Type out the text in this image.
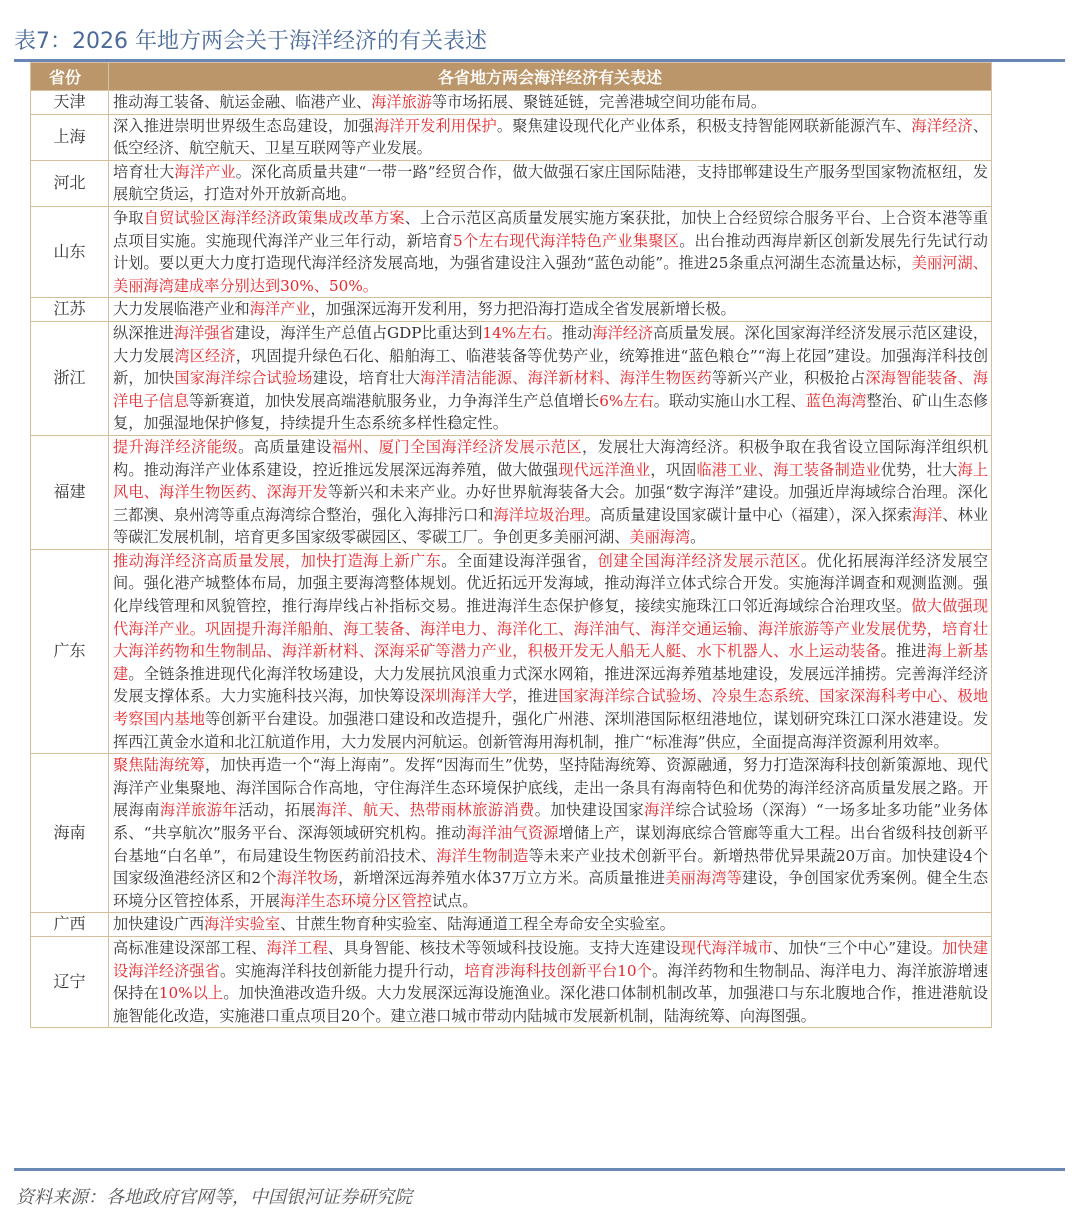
表7：2026 年地方两会关于海洋经济的有关表述
省份	各省地方两会海洋经济有关表述
天津	推动海工装备、航运金融、临港产业、海洋旅游等市场拓展、聚链延链，完善港城空间功能布局。
上海	深入推进崇明世界级生态岛建设，加强海洋开发利用保护。聚焦建设现代化产业体系，积极支持智能网联新能源汽车、海洋经济、低空经济、航空航天、卫星互联网等产业发展。
河北	培育壮大海洋产业。深化高质量共建“一带一路”经贸合作，做大做强石家庄国际陆港，支持邯郸建设生产服务型国家物流枢纽，发展航空货运，打造对外开放新高地。
山东	争取自贸试验区海洋经济政策集成改革方案、上合示范区高质量发展实施方案获批，加快上合经贸综合服务平台、上合资本港等重点项目实施。实施现代海洋产业三年行动，新培育5个左右现代海洋特色产业集聚区。出台推动西海岸新区创新发展先行先试行动计划。要以更大力度打造现代海洋经济发展高地，为强省建设注入强劲“蓝色动能”。推进25条重点河湖生态流量达标，美丽河湖、美丽海湾建成率分别达到30%、50%。
江苏	大力发展临港产业和海洋产业，加强深远海开发利用，努力把沿海打造成全省发展新增长极。
浙江	纵深推进海洋强省建设，海洋生产总值占GDP比重达到14%左右。推动海洋经济高质量发展。深化国家海洋经济发展示范区建设，大力发展湾区经济，巩固提升绿色石化、船舶海工、临港装备等优势产业，统筹推进“蓝色粮仓”“海上花园”建设。加强海洋科技创新，加快国家海洋综合试验场建设，培育壮大海洋清洁能源、海洋新材料、海洋生物医药等新兴产业，积极抢占深海智能装备、海洋电子信息等新赛道，加快发展高端港航服务业，力争海洋生产总值增长6%左右。联动实施山水工程、蓝色海湾整治、矿山生态修复，加强湿地保护修复，持续提升生态系统多样性稳定性。
福建	提升海洋经济能级。高质量建设福州、厦门全国海洋经济发展示范区，发展壮大海湾经济。积极争取在我省设立国际海洋组织机构。推动海洋产业体系建设，控近推远发展深远海养殖，做大做强现代远洋渔业，巩固临港工业、海工装备制造业优势，壮大海上风电、海洋生物医药、深海开发等新兴和未来产业。办好世界航海装备大会。加强“数字海洋”建设。加强近岸海域综合治理。深化三都澳、泉州湾等重点海湾综合整治，强化入海排污口和海洋垃圾治理。高质量建设国家碳计量中心（福建），深入探索海洋、林业等碳汇发展机制，培育更多国家级零碳园区、零碳工厂。争创更多美丽河湖、美丽海湾。
广东	推动海洋经济高质量发展，加快打造海上新广东。全面建设海洋强省，创建全国海洋经济发展示范区。优化拓展海洋经济发展空间。强化港产城整体布局，加强主要海湾整体规划。优近拓远开发海域，推动海洋立体式综合开发。实施海洋调查和观测监测。强化岸线管理和风貌管控，推行海岸线占补指标交易。推进海洋生态保护修复，接续实施珠江口邻近海域综合治理攻坚。做大做强现代海洋产业。巩固提升海洋船舶、海工装备、海洋电力、海洋化工、海洋油气、海洋交通运输、海洋旅游等产业发展优势，培育壮大海洋药物和生物制品、海洋新材料、深海采矿等潜力产业，积极开发无人船无人艇、水下机器人、水上运动装备。推进海上新基建。全链条推进现代化海洋牧场建设，大力发展抗风浪重力式深水网箱，推进深远海养殖基地建设，发展远洋捕捞。完善海洋经济发展支撑体系。大力实施科技兴海，加快筹设深圳海洋大学，推进国家海洋综合试验场、冷泉生态系统、国家深海科考中心、极地考察国内基地等创新平台建设。加强港口建设和改造提升，强化广州港、深圳港国际枢纽港地位，谋划研究珠江口深水港建设。发挥西江黄金水道和北江航道作用，大力发展内河航运。创新管海用海机制，推广“标准海”供应，全面提高海洋资源利用效率。
海南	聚焦陆海统筹，加快再造一个“海上海南”。发挥“因海而生”优势，坚持陆海统筹、资源融通，努力打造深海科技创新策源地、现代海洋产业集聚地、海洋国际合作高地，守住海洋生态环境保护底线，走出一条具有海南特色和优势的海洋经济高质量发展之路。开展海南海洋旅游年活动，拓展海洋、航天、热带雨林旅游消费。加快建设国家海洋综合试验场（深海）“一场多址多功能”业务体系、“共享航次”服务平台、深海领域研究机构。推动海洋油气资源增储上产，谋划海底综合管廊等重大工程。出台省级科技创新平台基地“白名单”，布局建设生物医药前沿技术、海洋生物制造等未来产业技术创新平台。新增热带优异果蔬20万亩。加快建设4个国家级渔港经济区和2个海洋牧场，新增深远海养殖水体37万立方米。高质量推进美丽海湾等建设，争创国家优秀案例。健全生态环境分区管控体系，开展海洋生态环境分区管控试点。
广西	加快建设广西海洋实验室、甘蔗生物育种实验室、陆海通道工程全寿命安全实验室。
辽宁	高标准建设深部工程、海洋工程、具身智能、核技术等领域科技设施。支持大连建设现代海洋城市、加快“三个中心”建设。加快建设海洋经济强省。实施海洋科技创新能力提升行动，培育涉海科技创新平台10个。海洋药物和生物制品、海洋电力、海洋旅游增速保持在10%以上。加快渔港改造升级。大力发展深远海设施渔业。深化港口体制机制改革，加强港口与东北腹地合作，推进港航设施智能化改造，实施港口重点项目20个。建立港口城市带动内陆城市发展新机制，陆海统筹、向海图强。
资料来源：各地政府官网等，中国银河证券研究院
